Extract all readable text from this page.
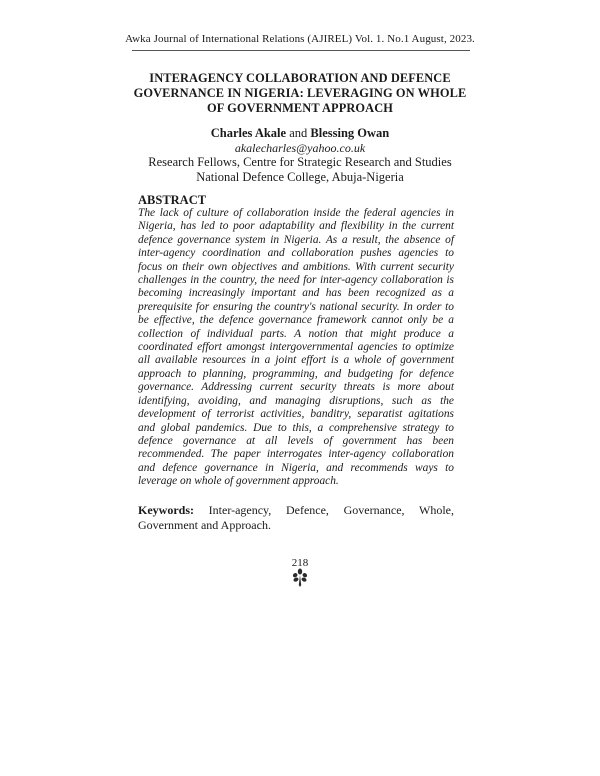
Awka Journal of International Relations (AJIREL) Vol. 1. No.1 August, 2023.
INTERAGENCY COLLABORATION AND DEFENCE GOVERNANCE IN NIGERIA: LEVERAGING ON WHOLE OF GOVERNMENT APPROACH
Charles Akale and Blessing Owan
akalecharles@yahoo.co.uk
Research Fellows, Centre for Strategic Research and Studies
National Defence College, Abuja-Nigeria
ABSTRACT
The lack of culture of collaboration inside the federal agencies in Nigeria, has led to poor adaptability and flexibility in the current defence governance system in Nigeria. As a result, the absence of inter-agency coordination and collaboration pushes agencies to focus on their own objectives and ambitions. With current security challenges in the country, the need for inter-agency collaboration is becoming increasingly important and has been recognized as a prerequisite for ensuring the country's national security. In order to be effective, the defence governance framework cannot only be a collection of individual parts. A notion that might produce a coordinated effort amongst intergovernmental agencies to optimize all available resources in a joint effort is a whole of government approach to planning, programming, and budgeting for defence governance. Addressing current security threats is more about identifying, avoiding, and managing disruptions, such as the development of terrorist activities, banditry, separatist agitations and global pandemics. Due to this, a comprehensive strategy to defence governance at all levels of government has been recommended. The paper interrogates inter-agency collaboration and defence governance in Nigeria, and recommends ways to leverage on whole of government approach.
Keywords: Inter-agency, Defence, Governance, Whole, Government and Approach.
218
